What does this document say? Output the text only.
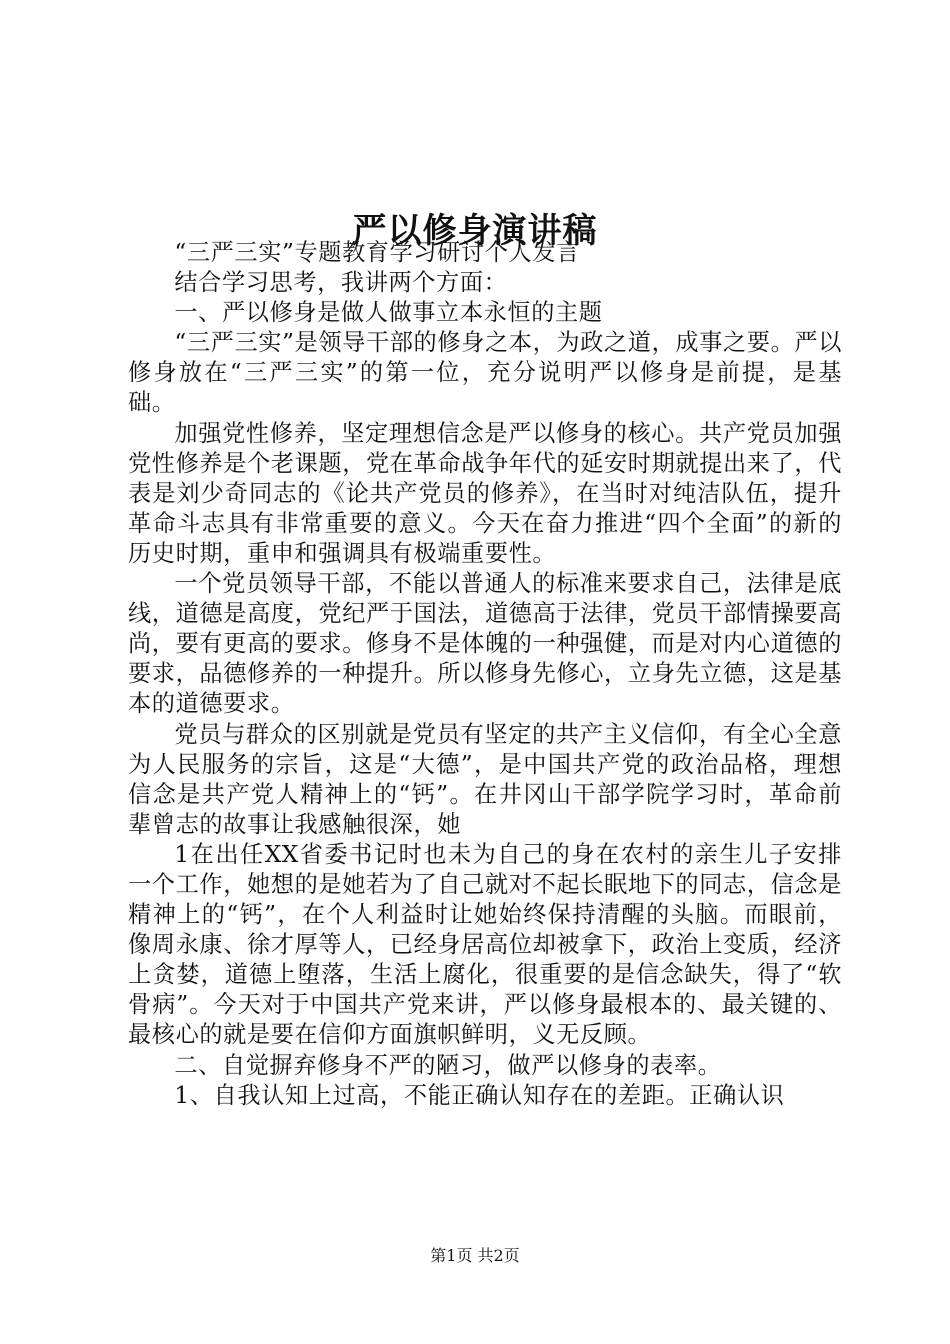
严以修身演讲稿

“三严三实”专题教育学习研讨个人发言

结合学习思考，我讲两个方面：

一、严以修身是做人做事立本永恒的主题

“三严三实”是领导干部的修身之本，为政之道，成事之要。严以修身放在“三严三实”的第一位，充分说明严以修身是前提，是基础。

加强党性修养，坚定理想信念是严以修身的核心。共产党员加强党性修养是个老课题，党在革命战争年代的延安时期就提出来了，代表是刘少奇同志的《论共产党员的修养》，在当时对纯洁队伍，提升革命斗志具有非常重要的意义。今天在奋力推进“四个全面”的新的历史时期，重申和强调具有极端重要性。

一个党员领导干部，不能以普通人的标准来要求自己，法律是底线，道德是高度，党纪严于国法，道德高于法律，党员干部情操要高尚，要有更高的要求。修身不是体魄的一种强健，而是对内心道德的要求，品德修养的一种提升。所以修身先修心，立身先立德，这是基本的道德要求。

党员与群众的区别就是党员有坚定的共产主义信仰，有全心全意为人民服务的宗旨，这是“大德”，是中国共产党的政治品格，理想信念是共产党人精神上的“钙”。在井冈山干部学院学习时，革命前辈曾志的故事让我感触很深，她

1在出任XX省委书记时也未为自己的身在农村的亲生儿子安排一个工作，她想的是她若为了自己就对不起长眠地下的同志，信念是精神上的“钙”，在个人利益时让她始终保持清醒的头脑。而眼前，像周永康、徐才厚等人，已经身居高位却被拿下，政治上变质，经济上贪婪，道德上堕落，生活上腐化，很重要的是信念缺失，得了“软骨病”。今天对于中国共产党来讲，严以修身最根本的、最关键的、最核心的就是要在信仰方面旗帜鲜明，义无反顾。

二、自觉摒弃修身不严的陋习，做严以修身的表率。

1、自我认知上过高，不能正确认知存在的差距。正确认识

第1页 共2页
